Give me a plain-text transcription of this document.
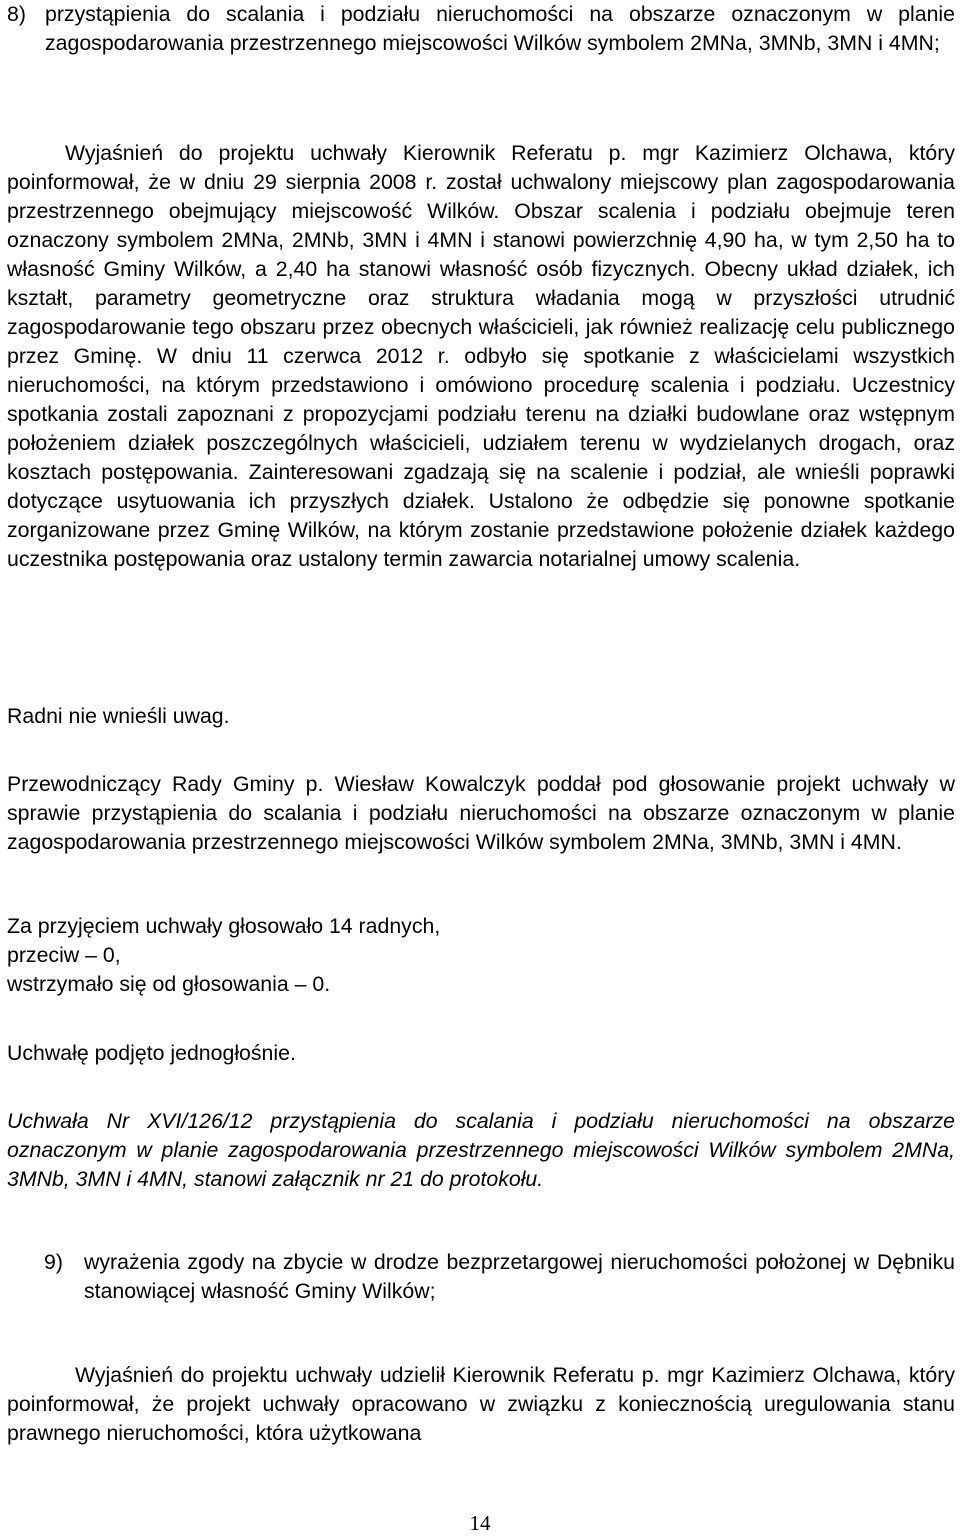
8) przystąpienia do scalania i podziału nieruchomości na obszarze oznaczonym w planie zagospodarowania przestrzennego miejscowości Wilków symbolem 2MNa, 3MNb, 3MN i 4MN;

Wyjaśnień do projektu uchwały Kierownik Referatu p. mgr Kazimierz Olchawa, który poinformował, że w dniu 29 sierpnia 2008 r. został uchwalony miejscowy plan zagospodarowania przestrzennego obejmujący miejscowość Wilków. Obszar scalenia i podziału obejmuje teren oznaczony symbolem 2MNa, 2MNb, 3MN i 4MN i stanowi powierzchnię 4,90 ha, w tym 2,50 ha to własność Gminy Wilków, a 2,40 ha stanowi własność osób fizycznych. Obecny układ działek, ich kształt, parametry geometryczne oraz struktura władania mogą w przyszłości utrudnić zagospodarowanie tego obszaru przez obecnych właścicieli, jak również realizację celu publicznego przez Gminę. W dniu 11 czerwca 2012 r. odbyło się spotkanie z właścicielami wszystkich nieruchomości, na którym przedstawiono i omówiono procedurę scalenia i podziału. Uczestnicy spotkania zostali zapoznani z propozycjami podziału terenu na działki budowlane oraz wstępnym położeniem działek poszczególnych właścicieli, udziałem terenu w wydzielanych drogach, oraz kosztach postępowania. Zainteresowani zgadzają się na scalenie i podział, ale wnieśli poprawki dotyczące usytuowania ich przyszłych działek. Ustalono że odbędzie się ponowne spotkanie zorganizowane przez Gminę Wilków, na którym zostanie przedstawione położenie działek każdego uczestnika postępowania oraz ustalony termin zawarcia notarialnej umowy scalenia.

Radni nie wnieśli uwag.

Przewodniczący Rady Gminy p. Wiesław Kowalczyk poddał pod głosowanie projekt uchwały w sprawie przystąpienia do scalania i podziału nieruchomości na obszarze oznaczonym w planie zagospodarowania przestrzennego miejscowości Wilków symbolem 2MNa, 3MNb, 3MN i 4MN.

Za przyjęciem uchwały głosowało 14 radnych,
przeciw – 0,
wstrzymało się od głosowania – 0.

Uchwałę podjęto jednogłośnie.

Uchwała Nr XVI/126/12 przystąpienia do scalania i podziału nieruchomości na obszarze oznaczonym w planie zagospodarowania przestrzennego miejscowości Wilków symbolem 2MNa, 3MNb, 3MN i 4MN, stanowi załącznik nr 21 do protokołu.

9) wyrażenia zgody na zbycie w drodze bezprzetargowej nieruchomości położonej w Dębniku stanowiącej własność Gminy Wilków;

Wyjaśnień do projektu uchwały udzielił Kierownik Referatu p. mgr Kazimierz Olchawa, który poinformował, że projekt uchwały opracowano w związku z koniecznością uregulowania stanu prawnego nieruchomości, która użytkowana

14
